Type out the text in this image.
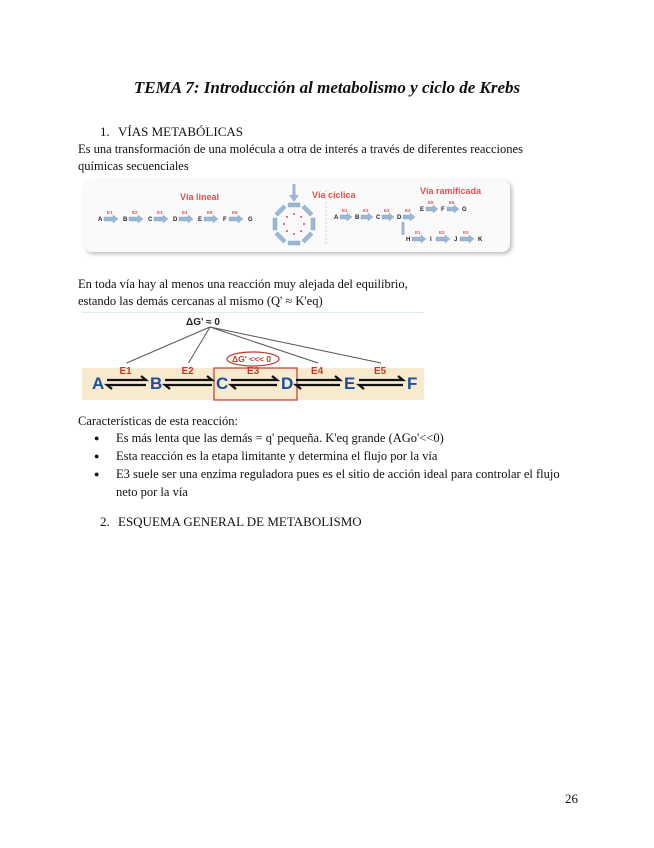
TEMA 7: Introducción al metabolismo y ciclo de Krebs
1. VÍAS METABÓLICAS
Es una transformación de una molécula a otra de interés a través de diferentes reacciones
químicas secuenciales
Vía lineal
A
E1
B
E2
C
E3
D
E4
E
E5
F
E6
G
Vía cíclica	Vía ramificada
A
E1
B
E2
C
E3
D
E4 E
E5
F
E6
G
H
E1
I
E2
J
E3
K
En toda vía hay al menos una reacción muy alejada del equilibrio,
estando las demás cercanas al mismo (Q' ≈ K'eq)
ΔG' ≈ 0
ΔG' <<< 0
A	B	C	D	E	F
E1	E2	E3	E4	E5
Características de esta reacción:
● Es más lenta que las demás = q' pequeña. K'eq grande (AGo'<<0)
● Esta reacción es la etapa limitante y determina el flujo por la vía
● E3 suele ser una enzima reguladora pues es el sitio de acción ideal para controlar el flujo
neto por la vía
2. ESQUEMA GENERAL DE METABOLISMO
26
